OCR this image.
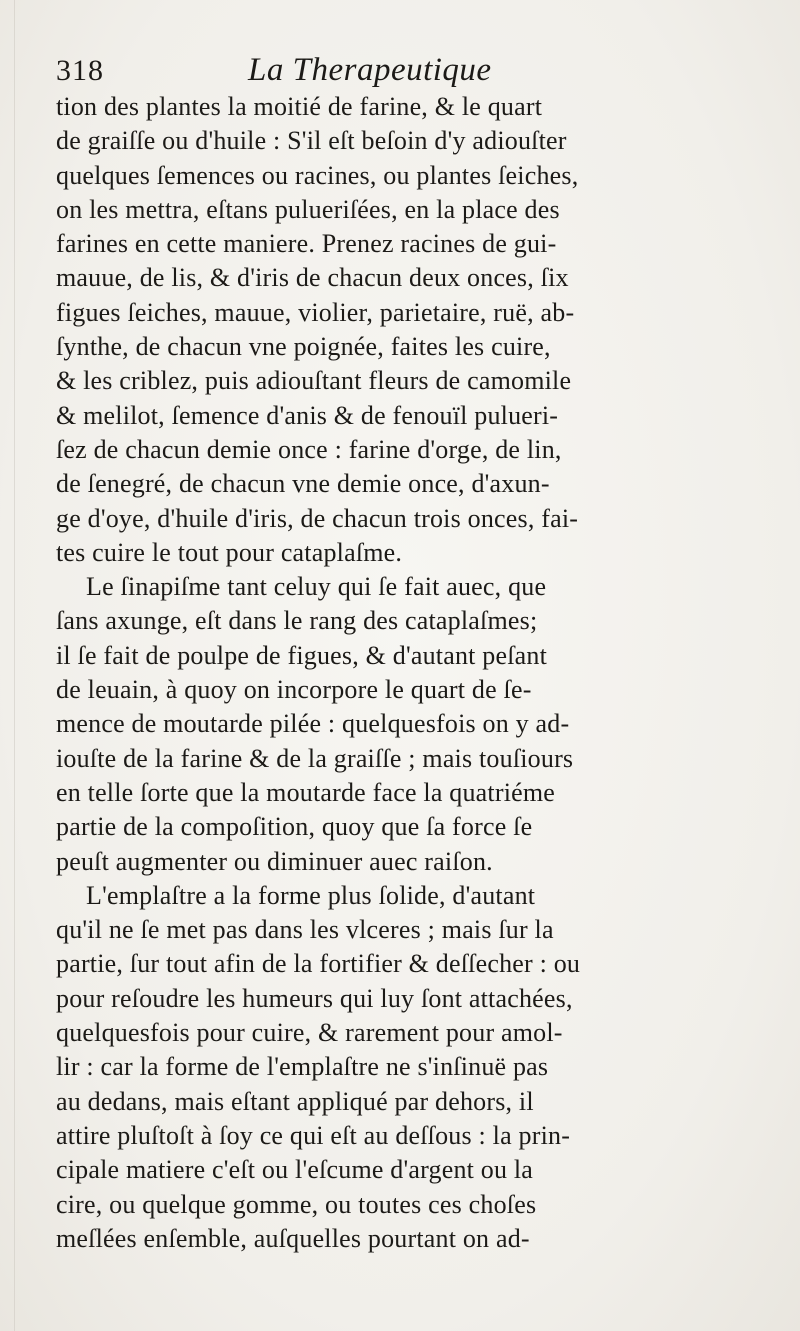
318	La Therapeutique
tion des plantes la moitié de farine, & le quart
de graiſſe ou d'huile : S'il eſt beſoin d'y adiouſter
quelques ſemences ou racines, ou plantes ſeiches,
on les mettra, eſtans pulueriſées, en la place des
farines en cette maniere. Prenez racines de gui-
mauue, de lis, & d'iris de chacun deux onces, ſix
figues ſeiches, mauue, violier, parietaire, ruë, ab-
ſynthe, de chacun vne poignée, faites les cuire,
& les criblez, puis adiouſtant fleurs de camomile
& melilot, ſemence d'anis & de fenouïl pulueri-
ſez de chacun demie once : farine d'orge, de lin,
de ſenegré, de chacun vne demie once, d'axun-
ge d'oye, d'huile d'iris, de chacun trois onces, fai-
tes cuire le tout pour cataplaſme.
Le ſinapiſme tant celuy qui ſe fait auec, que
ſans axunge, eſt dans le rang des cataplaſmes;
il ſe fait de poulpe de figues, & d'autant peſant
de leuain, à quoy on incorpore le quart de ſe-
mence de moutarde pilée : quelquesfois on y ad-
iouſte de la farine & de la graiſſe ; mais touſiours
en telle ſorte que la moutarde face la quatriéme
partie de la compoſition, quoy que ſa force ſe
peuſt augmenter ou diminuer auec raiſon.
L'emplaſtre a la forme plus ſolide, d'autant
qu'il ne ſe met pas dans les vlceres ; mais ſur la
partie, ſur tout afin de la fortifier & deſſecher : ou
pour reſoudre les humeurs qui luy ſont attachées,
quelquesfois pour cuire, & rarement pour amol-
lir : car la forme de l'emplaſtre ne s'inſinuë pas
au dedans, mais eſtant appliqué par dehors, il
attire pluſtoſt à ſoy ce qui eſt au deſſous : la prin-
cipale matiere c'eſt ou l'eſcume d'argent ou la
cire, ou quelque gomme, ou toutes ces choſes
meſlées enſemble, auſquelles pourtant on ad-
